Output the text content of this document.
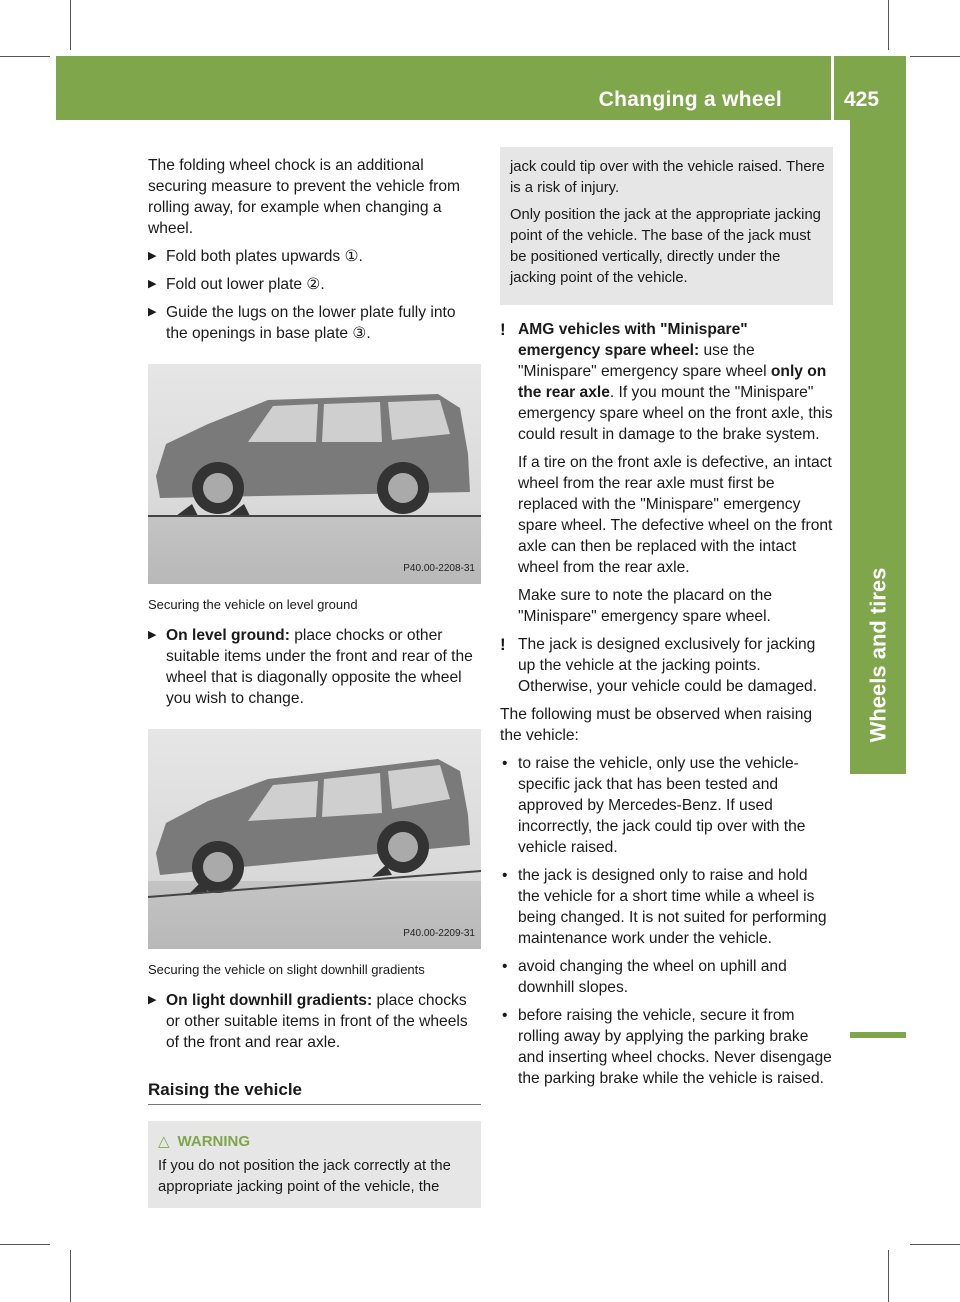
Changing a wheel	425
Wheels and tires

The folding wheel chock is an additional securing measure to prevent the vehicle from rolling away, for example when changing a wheel.

▶ Fold both plates upwards ①.
▶ Fold out lower plate ②.
▶ Guide the lugs on the lower plate fully into the openings in base plate ③.
P40.00-2208-31
Securing the vehicle on level ground
▶ On level ground: place chocks or other suitable items under the front and rear of the wheel that is diagonally opposite the wheel you wish to change.
P40.00-2209-31
Securing the vehicle on slight downhill gradients
▶ On light downhill gradients: place chocks or other suitable items in front of the wheels of the front and rear axle.
Raising the vehicle
△ WARNING
If you do not position the jack correctly at the appropriate jacking point of the vehicle, the

jack could tip over with the vehicle raised. There is a risk of injury.

Only position the jack at the appropriate jacking point of the vehicle. The base of the jack must be positioned vertically, directly under the jacking point of the vehicle.

! AMG vehicles with "Minispare" emergency spare wheel: use the "Minispare" emergency spare wheel only on the rear axle. If you mount the "Minispare" emergency spare wheel on the front axle, this could result in damage to the brake system.

If a tire on the front axle is defective, an intact wheel from the rear axle must first be replaced with the "Minispare" emergency spare wheel. The defective wheel on the front axle can then be replaced with the intact wheel from the rear axle.

Make sure to note the placard on the "Minispare" emergency spare wheel.

! The jack is designed exclusively for jacking up the vehicle at the jacking points. Otherwise, your vehicle could be damaged.

The following must be observed when raising the vehicle:

• to raise the vehicle, only use the vehicle-specific jack that has been tested and approved by Mercedes-Benz. If used incorrectly, the jack could tip over with the vehicle raised.
• the jack is designed only to raise and hold the vehicle for a short time while a wheel is being changed. It is not suited for performing maintenance work under the vehicle.
• avoid changing the wheel on uphill and downhill slopes.
• before raising the vehicle, secure it from rolling away by applying the parking brake and inserting wheel chocks. Never disengage the parking brake while the vehicle is raised.
